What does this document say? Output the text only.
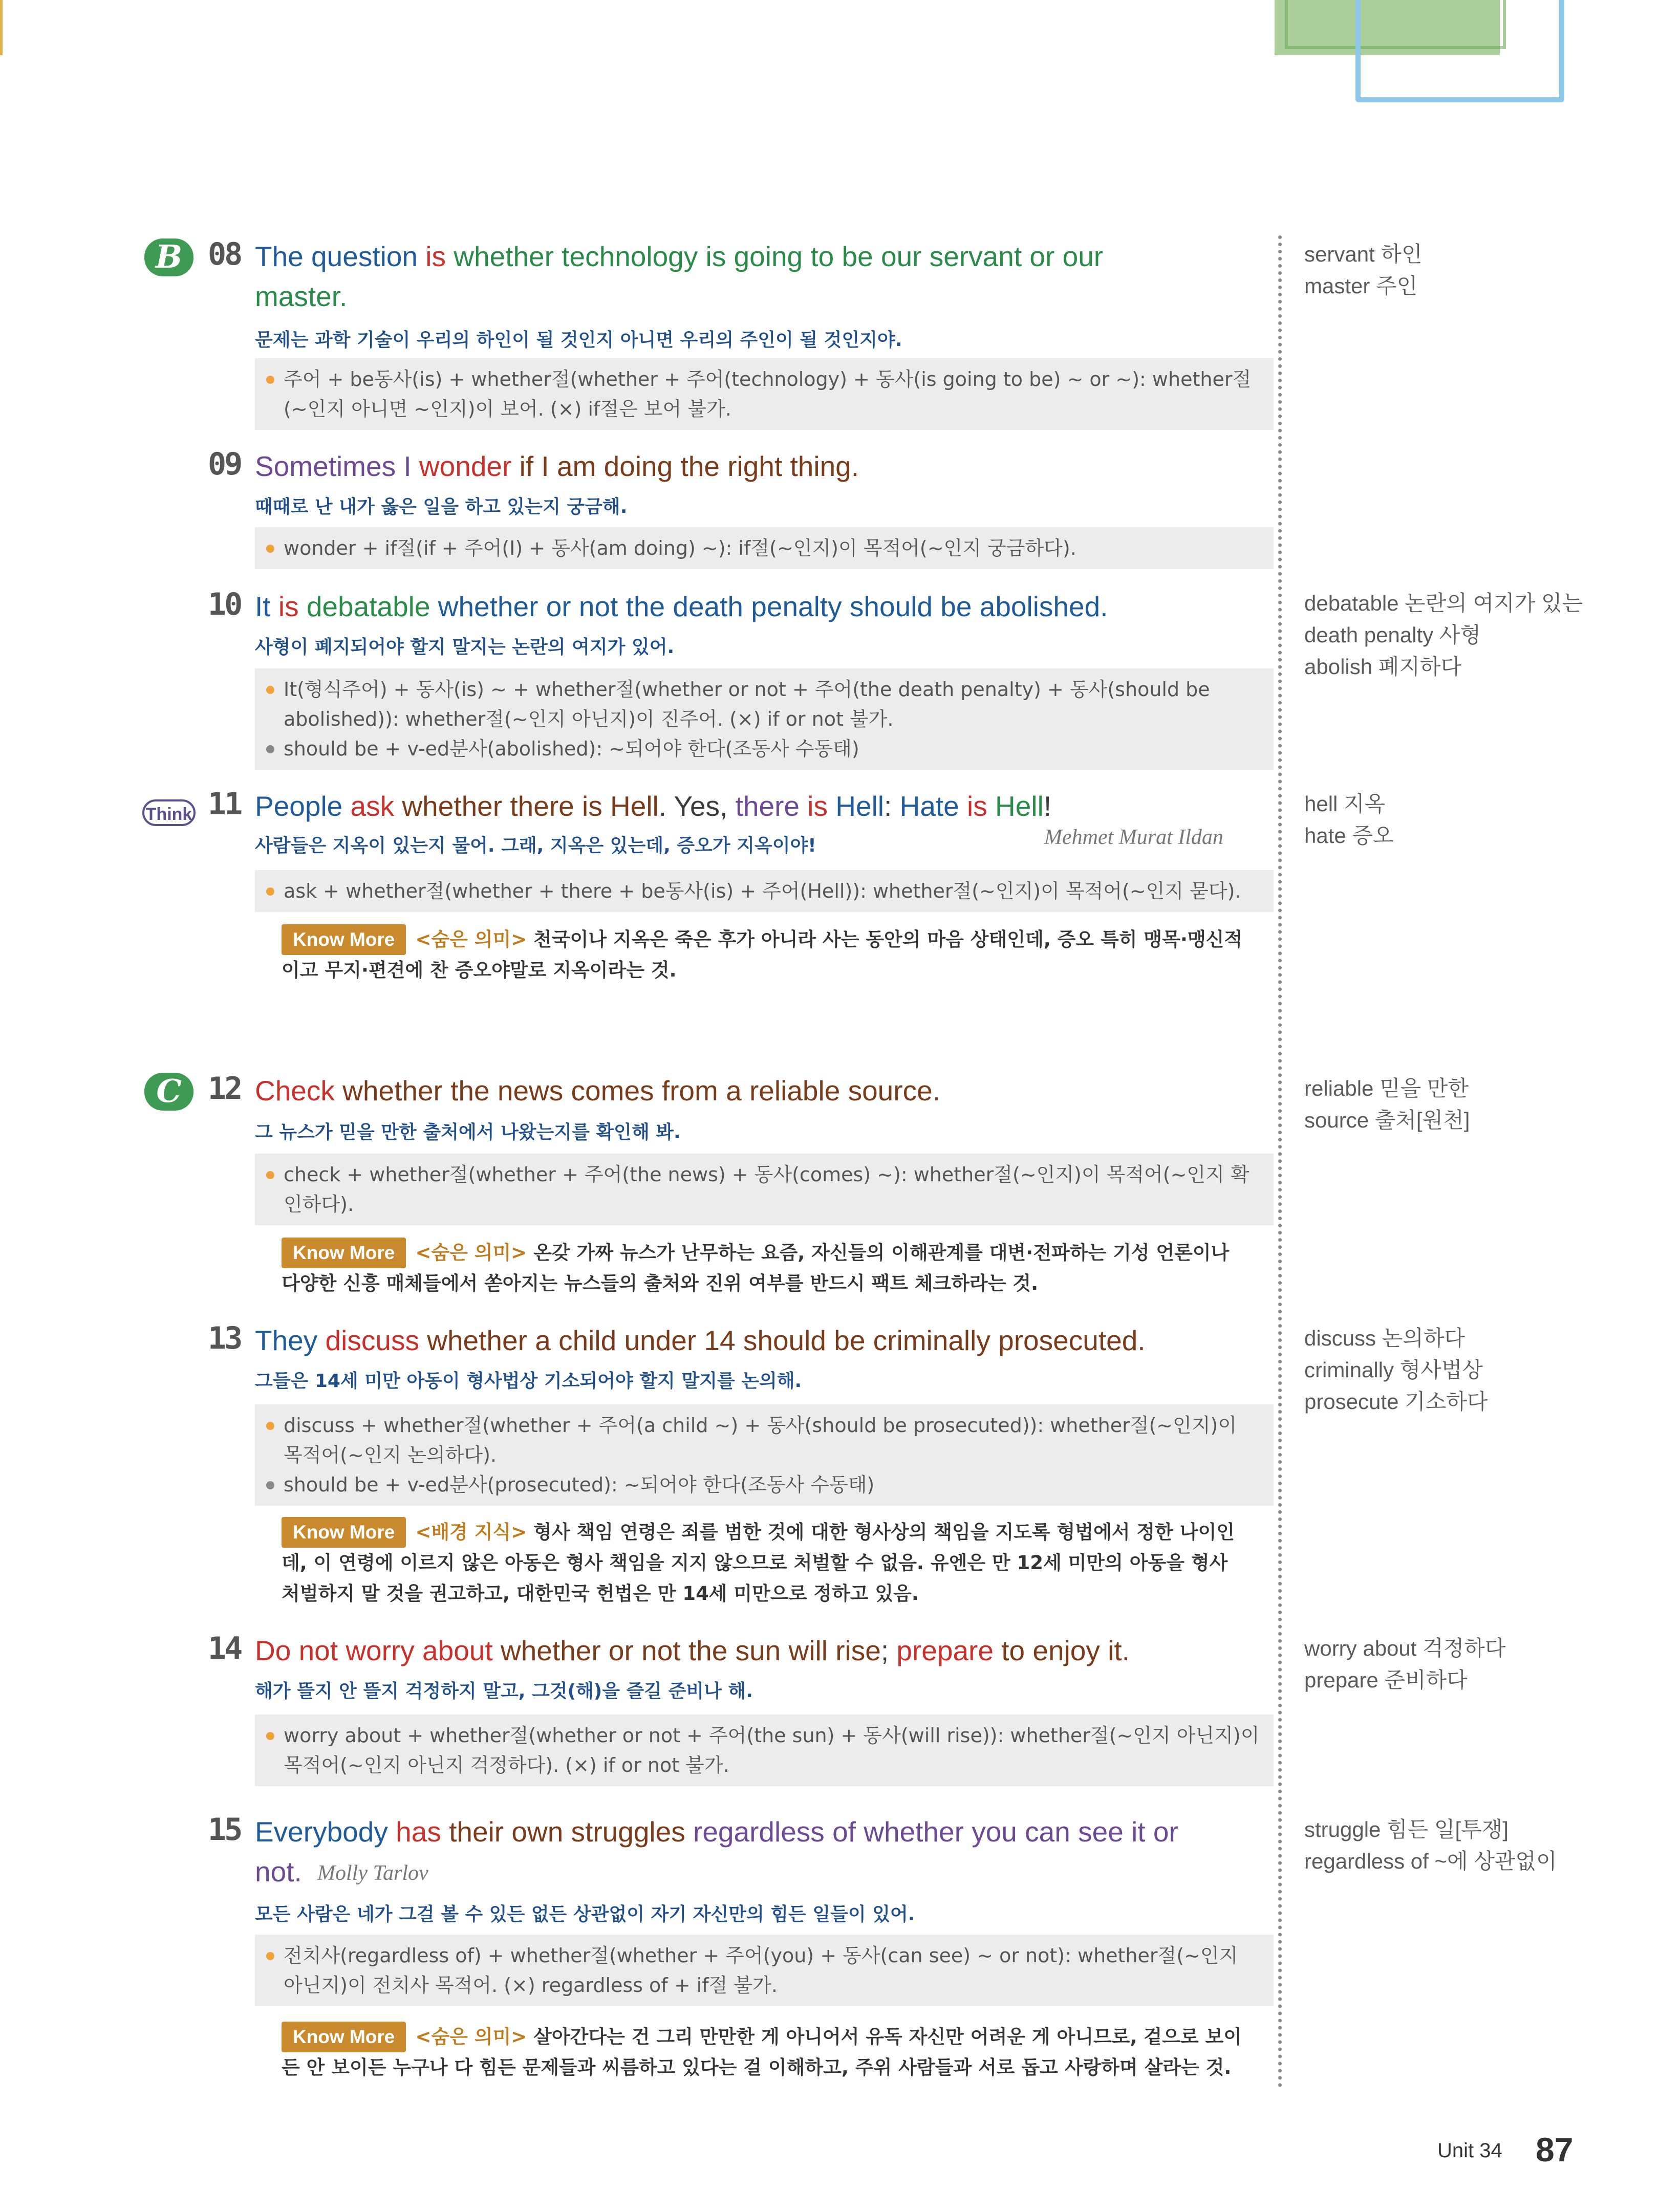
B 08 The question is whether technology is going to be our servant or our
master.
문제는 과학 기술이 우리의 하인이 될 것인지 아니면 우리의 주인이 될 것인지야.
주어 + be동사(is) + whether절(whether + 주어(technology) + 동사(is going to be) ~ or ~): whether절(~인지 아니면 ~인지)이 보어. (×) if절은 보어 불가.
servant 하인
master 주인
09 Sometimes I wonder if I am doing the right thing.
때때로 난 내가 옳은 일을 하고 있는지 궁금해.
wonder + if절(if + 주어(I) + 동사(am doing) ~): if절(~인지)이 목적어(~인지 궁금하다).
10 It is debatable whether or not the death penalty should be abolished.
사형이 폐지되어야 할지 말지는 논란의 여지가 있어.
It(형식주어) + 동사(is) ~ + whether절(whether or not + 주어(the death penalty) + 동사(should be abolished)): whether절(~인지 아닌지)이 진주어. (×) if or not 불가.

should be + v-ed분사(abolished): ~되어야 한다(조동사 수동태)
debatable 논란의 여지가 있는
death penalty 사형
abolish 폐지하다
Think 11 People ask whether there is Hell. Yes, there is Hell: Hate is Hell!
Mehmet Murat Ildan
사람들은 지옥이 있는지 물어. 그래, 지옥은 있는데, 증오가 지옥이야!
ask + whether절(whether + there + be동사(is) + 주어(Hell)): whether절(~인지)이 목적어(~인지 묻다).
Know More <숨은 의미> 천국이나 지옥은 죽은 후가 아니라 사는 동안의 마음 상태인데, 증오 특히 맹목·맹신적이고 무지·편견에 찬 증오야말로 지옥이라는 것.
hell 지옥
hate 증오
C 12 Check whether the news comes from a reliable source.
그 뉴스가 믿을 만한 출처에서 나왔는지를 확인해 봐.
check + whether절(whether + 주어(the news) + 동사(comes) ~): whether절(~인지)이 목적어(~인지 확인하다).
Know More <숨은 의미> 온갖 가짜 뉴스가 난무하는 요즘, 자신들의 이해관계를 대변·전파하는 기성 언론이나 다양한 신흥 매체들에서 쏟아지는 뉴스들의 출처와 진위 여부를 반드시 팩트 체크하라는 것.
reliable 믿을 만한
source 출처[원천]
13 They discuss whether a child under 14 should be criminally prosecuted.
그들은 14세 미만 아동이 형사법상 기소되어야 할지 말지를 논의해.
discuss + whether절(whether + 주어(a child ~) + 동사(should be prosecuted)): whether절(~인지)이 목적어(~인지 논의하다).

should be + v-ed분사(prosecuted): ~되어야 한다(조동사 수동태)
Know More <배경 지식> 형사 책임 연령은 죄를 범한 것에 대한 형사상의 책임을 지도록 형법에서 정한 나이인데, 이 연령에 이르지 않은 아동은 형사 책임을 지지 않으므로 처벌할 수 없음. 유엔은 만 12세 미만의 아동을 형사 처벌하지 말 것을 권고하고, 대한민국 헌법은 만 14세 미만으로 정하고 있음.
discuss 논의하다
criminally 형사법상
prosecute 기소하다
14 Do not worry about whether or not the sun will rise; prepare to enjoy it.
해가 뜰지 안 뜰지 걱정하지 말고, 그것(해)을 즐길 준비나 해.
worry about + whether절(whether or not + 주어(the sun) + 동사(will rise)): whether절(~인지 아닌지)이 목적어(~인지 아닌지 걱정하다). (×) if or not 불가.
worry about 걱정하다
prepare 준비하다
15 Everybody has their own struggles regardless of whether you can see it or
not. Molly Tarlov
모든 사람은 네가 그걸 볼 수 있든 없든 상관없이 자기 자신만의 힘든 일들이 있어.
전치사(regardless of) + whether절(whether + 주어(you) + 동사(can see) ~ or not): whether절(~인지 아닌지)이 전치사 목적어. (×) regardless of + if절 불가.
Know More <숨은 의미> 살아간다는 건 그리 만만한 게 아니어서 유독 자신만 어려운 게 아니므로, 겉으로 보이든 안 보이든 누구나 다 힘든 문제들과 씨름하고 있다는 걸 이해하고, 주위 사람들과 서로 돕고 사랑하며 살라는 것.
struggle 힘든 일[투쟁]
regardless of ~에 상관없이
Unit 34 87
